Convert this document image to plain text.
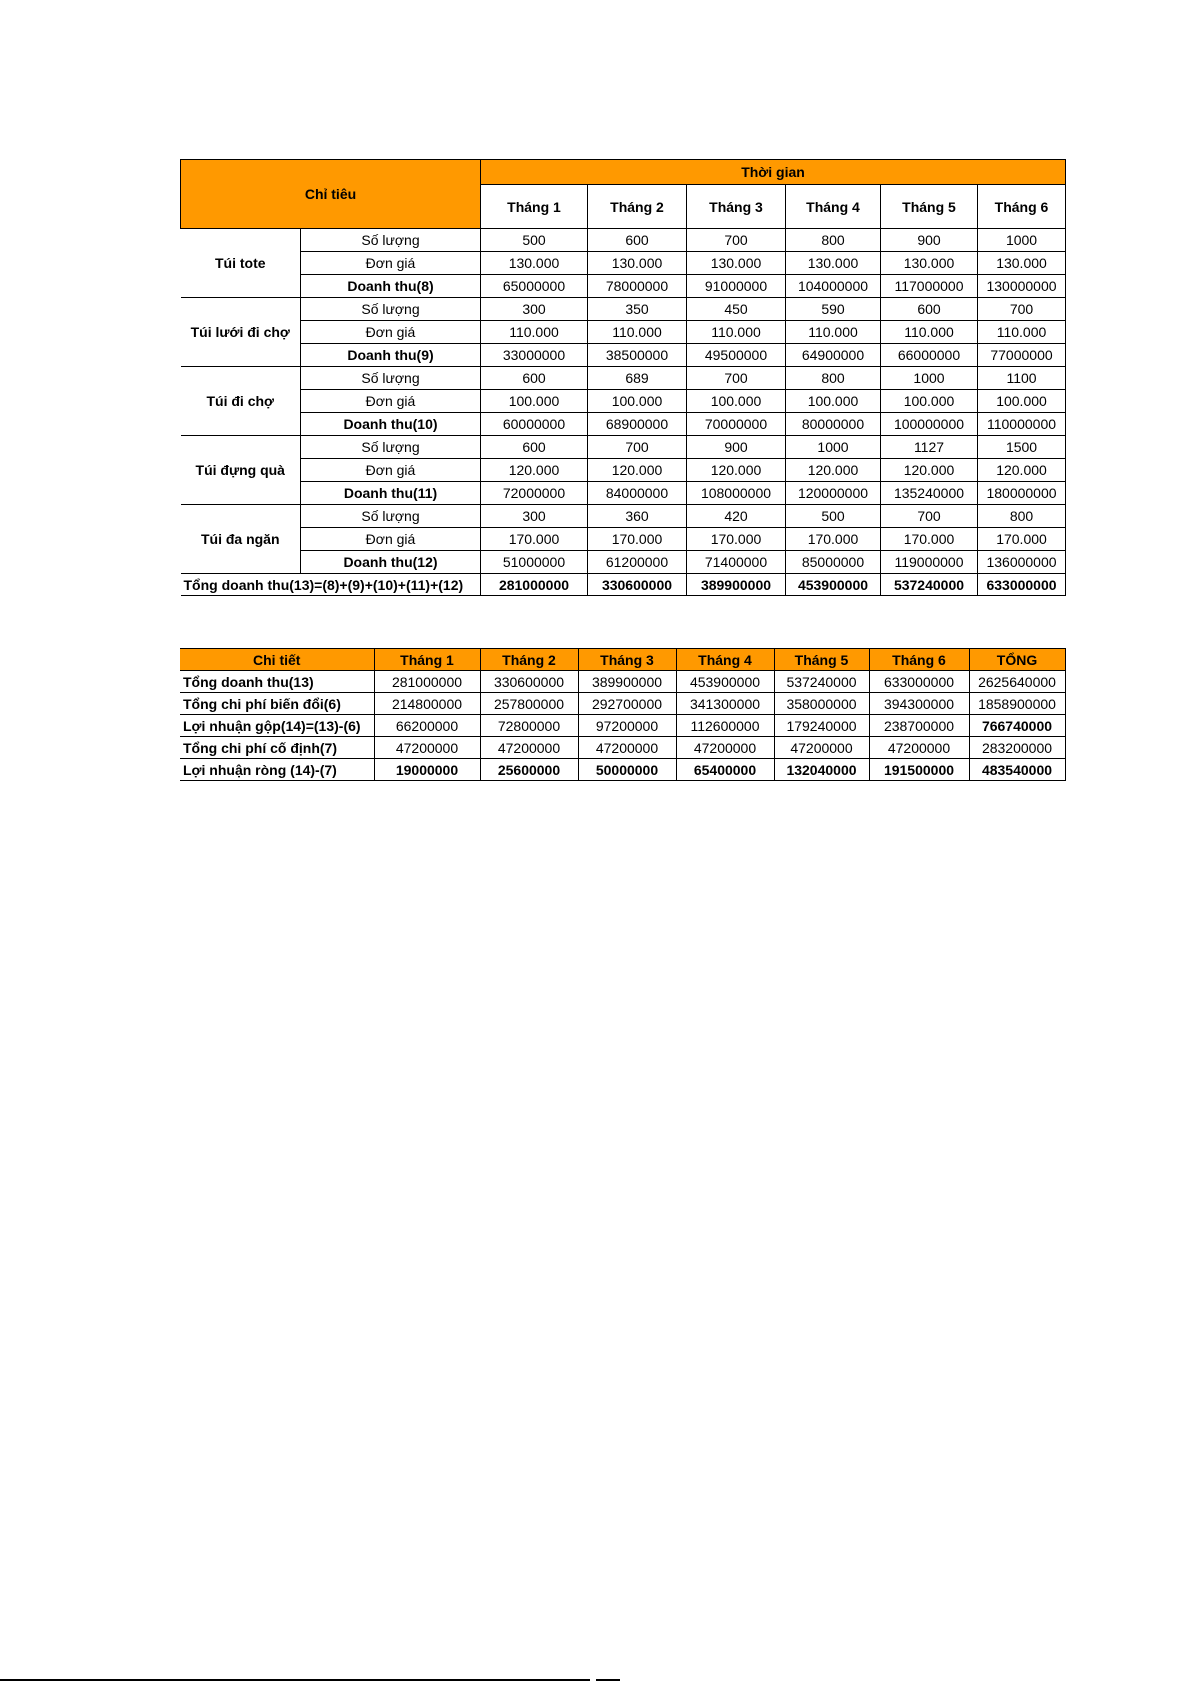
Chỉ tiêu		Thời gian					
		Tháng 1	Tháng 2	Tháng 3	Tháng 4	Tháng 5	Tháng 6
Túi tote	Số lượng	500	600	700	800	900	1000
	Đơn giá	130.000	130.000	130.000	130.000	130.000	130.000
	Doanh thu(8)	65000000	78000000	91000000	104000000	117000000	130000000
Túi lưới đi chợ	Số lượng	300	350	450	590	600	700
	Đơn giá	110.000	110.000	110.000	110.000	110.000	110.000
	Doanh thu(9)	33000000	38500000	49500000	64900000	66000000	77000000
Túi đi chợ	Số lượng	600	689	700	800	1000	1100
	Đơn giá	100.000	100.000	100.000	100.000	100.000	100.000
	Doanh thu(10)	60000000	68900000	70000000	80000000	100000000	110000000
Túi đựng quà	Số lượng	600	700	900	1000	1127	1500
	Đơn giá	120.000	120.000	120.000	120.000	120.000	120.000
	Doanh thu(11)	72000000	84000000	108000000	120000000	135240000	180000000
Túi đa ngăn	Số lượng	300	360	420	500	700	800
	Đơn giá	170.000	170.000	170.000	170.000	170.000	170.000
	Doanh thu(12)	51000000	61200000	71400000	85000000	119000000	136000000
Tổng doanh thu(13)=(8)+(9)+(10)+(11)+(12)		281000000	330600000	389900000	453900000	537240000	633000000
Chi tiết	Tháng 1	Tháng 2	Tháng 3	Tháng 4	Tháng 5	Tháng 6	TỔNG
Tổng doanh thu(13)	281000000	330600000	389900000	453900000	537240000	633000000	2625640000
Tổng chi phí biến đổi(6)	214800000	257800000	292700000	341300000	358000000	394300000	1858900000
Lợi nhuận gộp(14)=(13)-(6)	66200000	72800000	97200000	112600000	179240000	238700000	766740000
Tổng chi phí cố định(7)	47200000	47200000	47200000	47200000	47200000	47200000	283200000
Lợi nhuận ròng (14)-(7)	19000000	25600000	50000000	65400000	132040000	191500000	483540000
